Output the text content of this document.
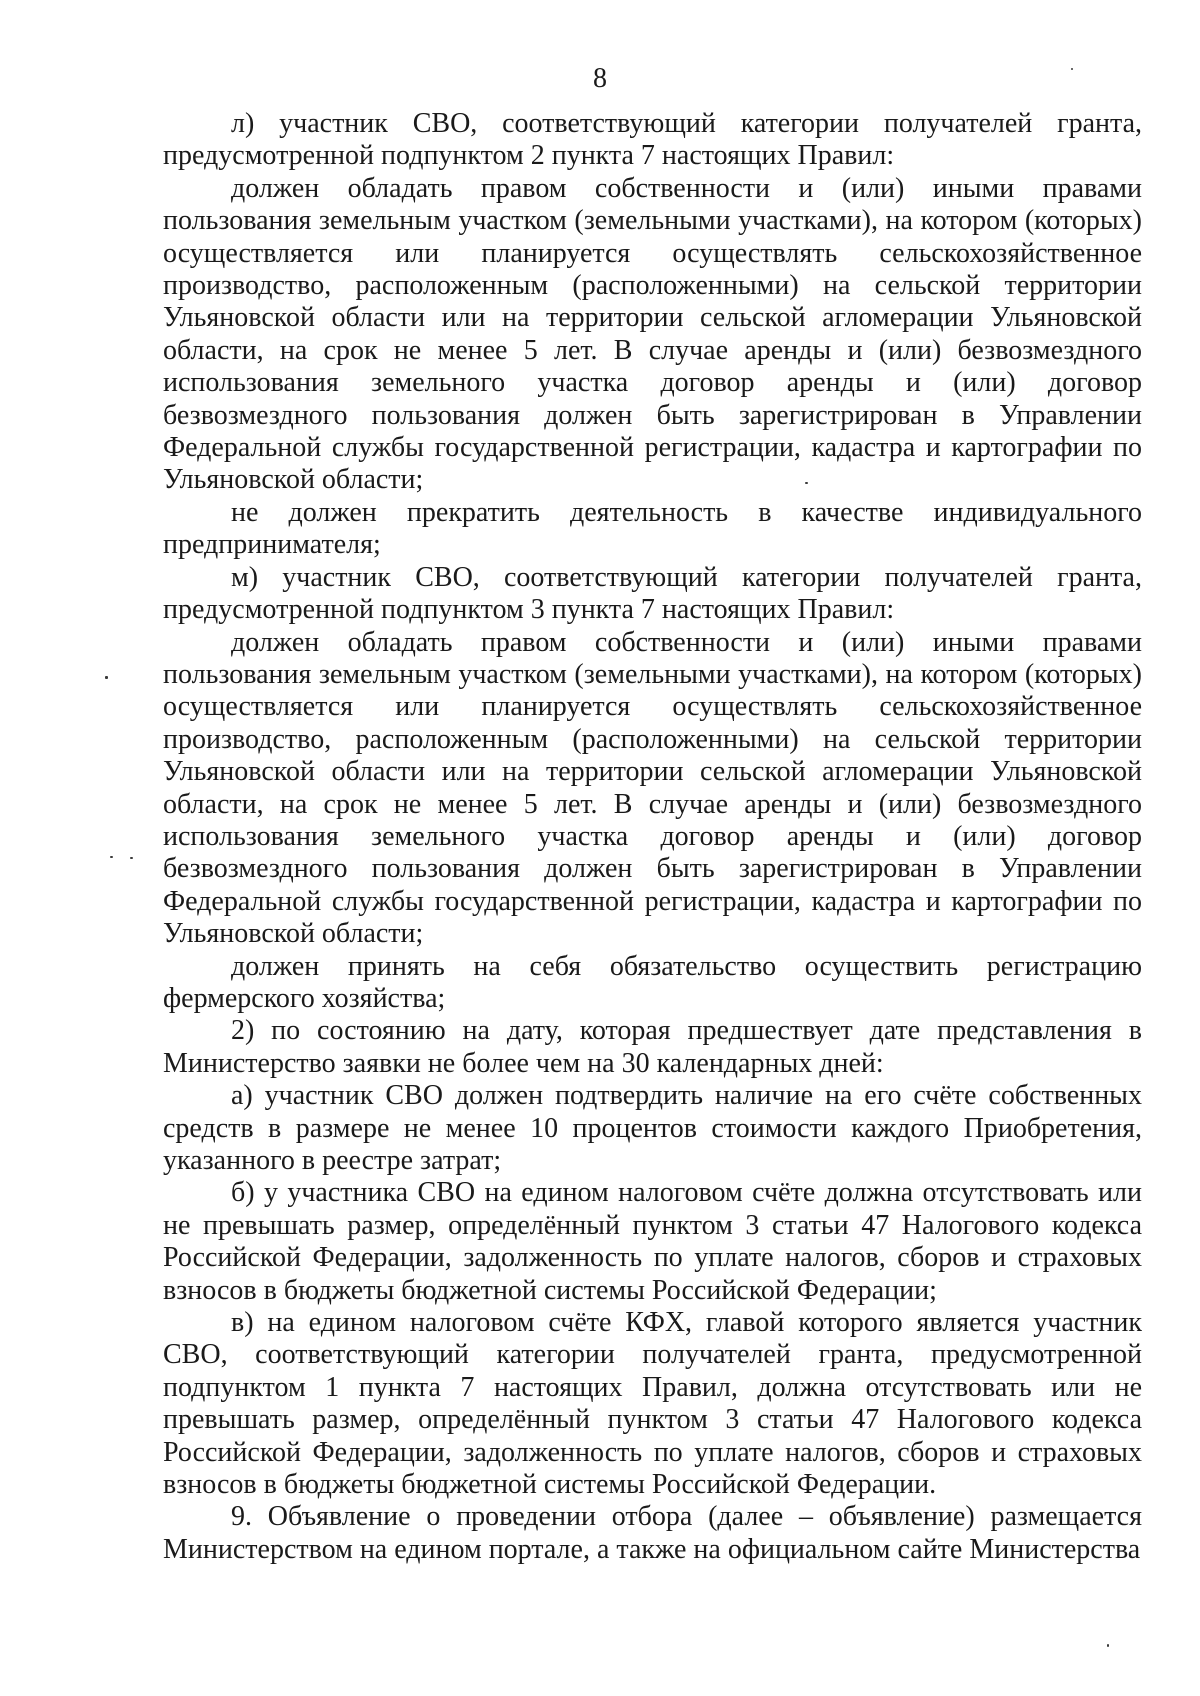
8

л) участник СВО, соответствующий категории получателей гранта, предусмотренной подпунктом 2 пункта 7 настоящих Правил:

должен обладать правом собственности и (или) иными правами пользования земельным участком (земельными участками), на котором (которых) осуществляется или планируется осуществлять сельскохозяйственное производство, расположенным (расположенными) на сельской территории Ульяновской области или на территории сельской агломерации Ульяновской области, на срок не менее 5 лет. В случае аренды и (или) безвозмездного использования земельного участка договор аренды и (или) договор безвозмездного пользования должен быть зарегистрирован в Управлении Федеральной службы государственной регистрации, кадастра и картографии по Ульяновской области;

не должен прекратить деятельность в качестве индивидуального предпринимателя;

м) участник СВО, соответствующий категории получателей гранта, предусмотренной подпунктом 3 пункта 7 настоящих Правил:

должен обладать правом собственности и (или) иными правами пользования земельным участком (земельными участками), на котором (которых) осуществляется или планируется осуществлять сельскохозяйственное производство, расположенным (расположенными) на сельской территории Ульяновской области или на территории сельской агломерации Ульяновской области, на срок не менее 5 лет. В случае аренды и (или) безвозмездного использования земельного участка договор аренды и (или) договор безвозмездного пользования должен быть зарегистрирован в Управлении Федеральной службы государственной регистрации, кадастра и картографии по Ульяновской области;

должен принять на себя обязательство осуществить регистрацию фермерского хозяйства;

2) по состоянию на дату, которая предшествует дате представления в Министерство заявки не более чем на 30 календарных дней:

а) участник СВО должен подтвердить наличие на его счёте собственных средств в размере не менее 10 процентов стоимости каждого Приобретения, указанного в реестре затрат;

б) у участника СВО на едином налоговом счёте должна отсутствовать или не превышать размер, определённый пунктом 3 статьи 47 Налогового кодекса Российской Федерации, задолженность по уплате налогов, сборов и страховых взносов в бюджеты бюджетной системы Российской Федерации;

в) на едином налоговом счёте КФХ, главой которого является участник СВО, соответствующий категории получателей гранта, предусмотренной подпунктом 1 пункта 7 настоящих Правил, должна отсутствовать или не превышать размер, определённый пунктом 3 статьи 47 Налогового кодекса Российской Федерации, задолженность по уплате налогов, сборов и страховых взносов в бюджеты бюджетной системы Российской Федерации.

9. Объявление о проведении отбора (далее – объявление) размещается Министерством на едином портале, а также на официальном сайте Министерства
